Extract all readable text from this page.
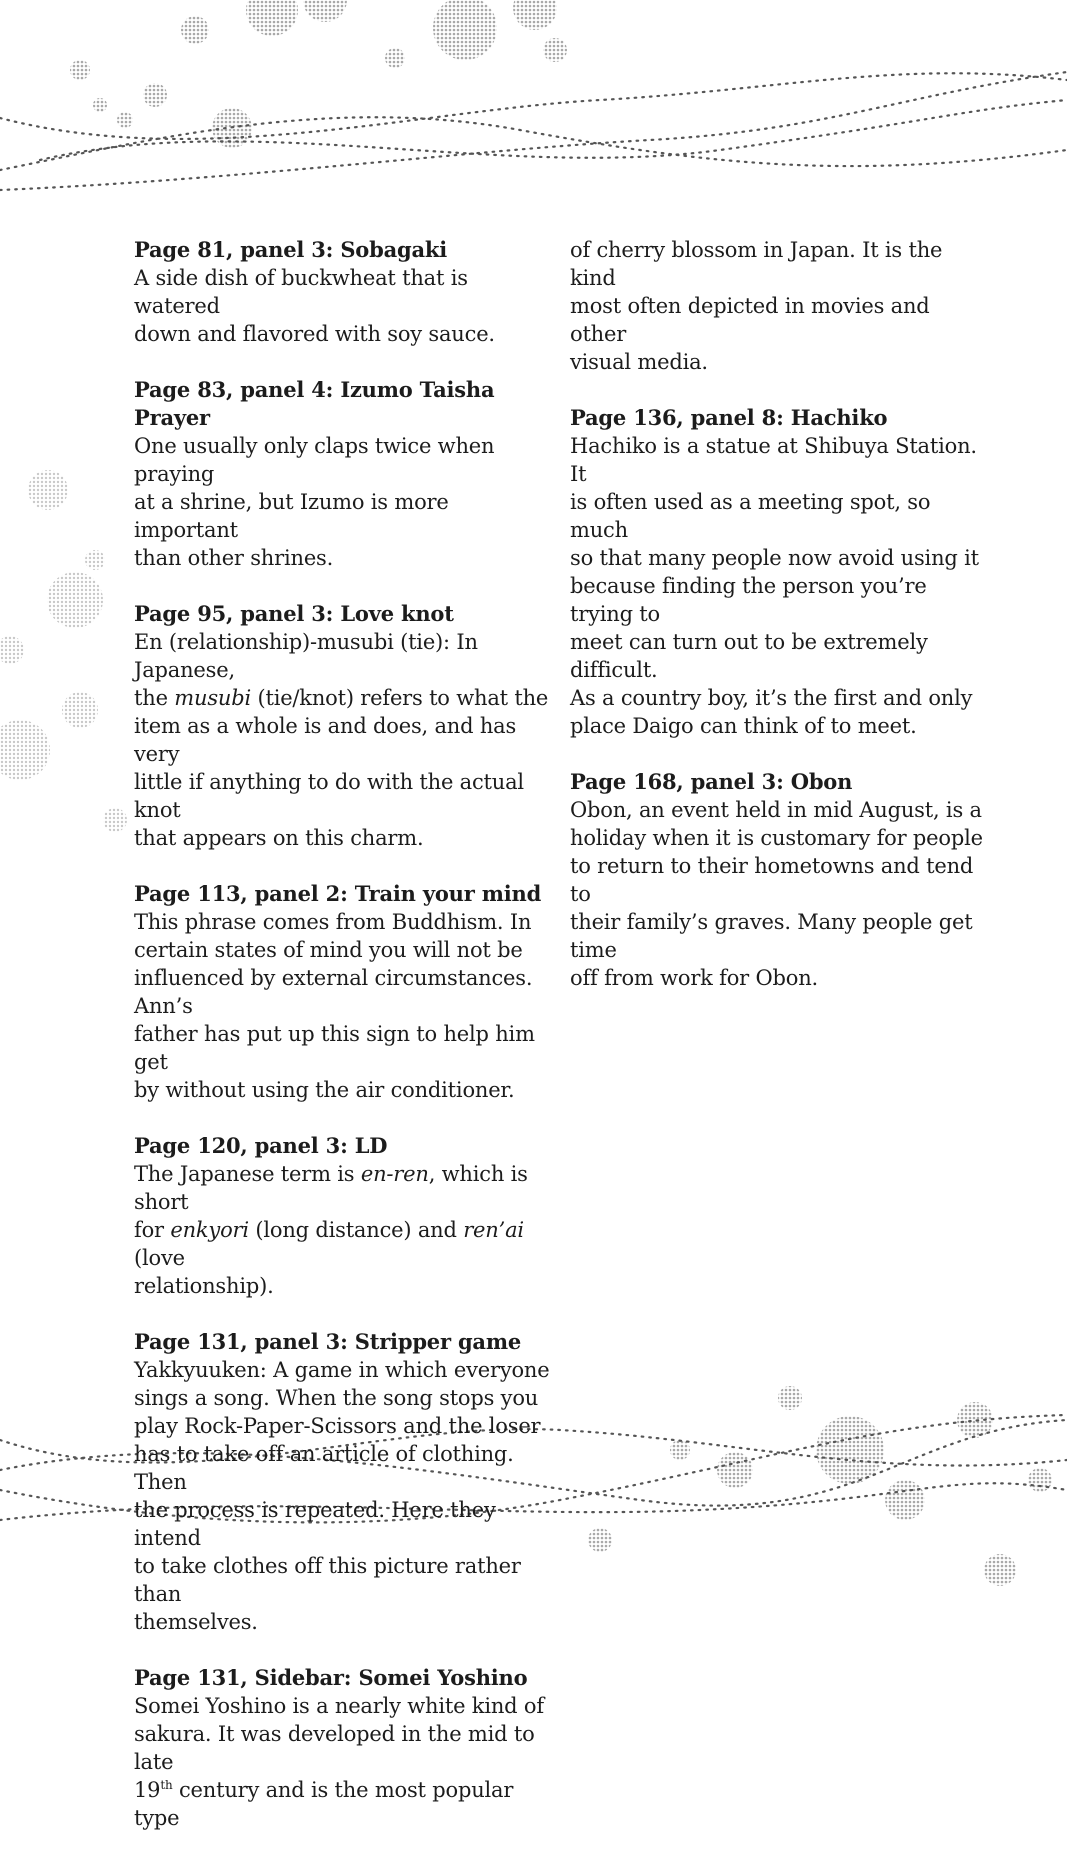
Page 81, panel 3: Sobagaki

A side dish of buckwheat that is watered
down and flavored with soy sauce.

Page 83, panel 4: Izumo Taisha Prayer

One usually only claps twice when praying
at a shrine, but Izumo is more important
than other shrines.

Page 95, panel 3: Love knot

En (relationship)-musubi (tie): In Japanese,
the musubi (tie/knot) refers to what the
item as a whole is and does, and has very
little if anything to do with the actual knot
that appears on this charm.

Page 113, panel 2: Train your mind

This phrase comes from Buddhism. In
certain states of mind you will not be
influenced by external circumstances. Ann’s
father has put up this sign to help him get
by without using the air conditioner.

Page 120, panel 3: LD

The Japanese term is en-ren, which is short
for enkyori (long distance) and ren’ai (love
relationship).

Page 131, panel 3: Stripper game

Yakkyuuken: A game in which everyone
sings a song. When the song stops you
play Rock-Paper-Scissors and the loser
has to take off an article of clothing. Then
the process is repeated. Here they intend
to take clothes off this picture rather than
themselves.

Page 131, Sidebar: Somei Yoshino

Somei Yoshino is a nearly white kind of
sakura. It was developed in the mid to late
19th century and is the most popular type

of cherry blossom in Japan. It is the kind
most often depicted in movies and other
visual media.

Page 136, panel 8: Hachiko

Hachiko is a statue at Shibuya Station. It
is often used as a meeting spot, so much
so that many people now avoid using it
because finding the person you’re trying to
meet can turn out to be extremely difficult.
As a country boy, it’s the first and only
place Daigo can think of to meet.

Page 168, panel 3: Obon

Obon, an event held in mid August, is a
holiday when it is customary for people
to return to their hometowns and tend to
their family’s graves. Many people get time
off from work for Obon.
